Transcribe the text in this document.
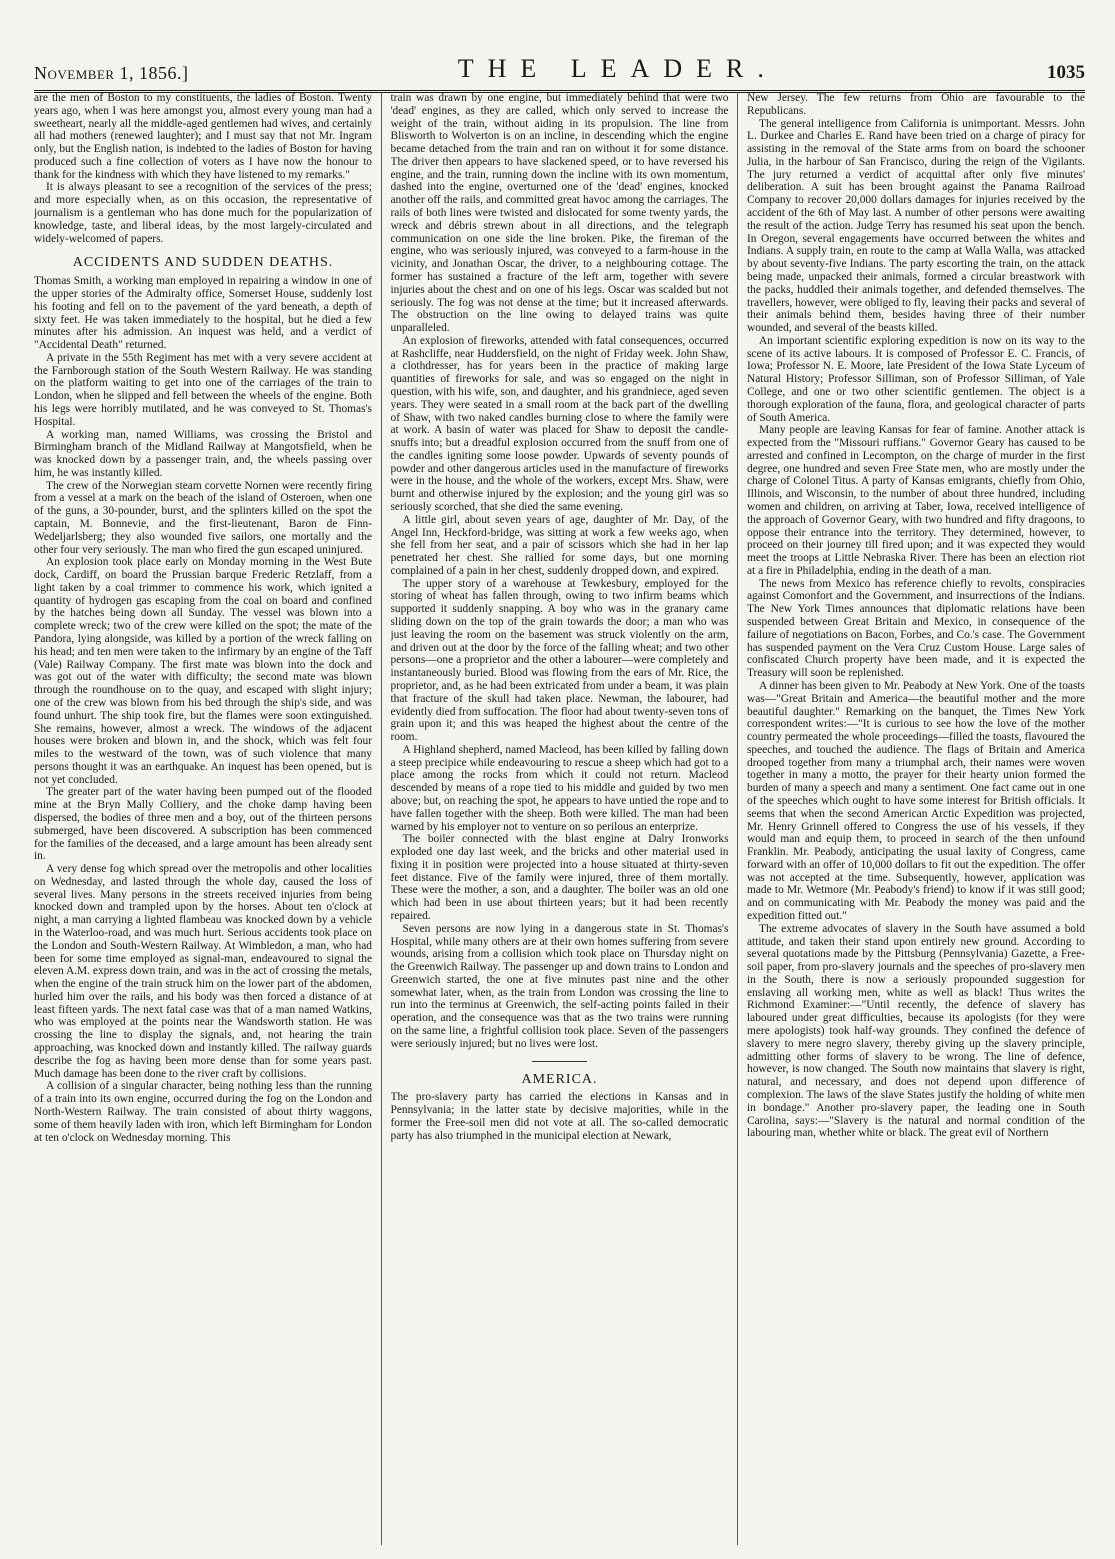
November 1, 1856.]	THE LEADER.	1035

are the men of Boston to my constituents, the ladies of Boston. Twenty years ago, when I was here amongst you, almost every young man had a sweetheart, nearly all the middle-aged gentlemen had wives, and certainly all had mothers (renewed laughter); and I must say that not Mr. Ingram only, but the English nation, is indebted to the ladies of Boston for having produced such a fine collection of voters as I have now the honour to thank for the kindness with which they have listened to my remarks."

It is always pleasant to see a recognition of the services of the press; and more especially when, as on this occasion, the representative of journalism is a gentleman who has done much for the popularization of knowledge, taste, and liberal ideas, by the most largely-circulated and widely-welcomed of papers.

ACCIDENTS AND SUDDEN DEATHS.

Thomas Smith, a working man employed in repairing a window in one of the upper stories of the Admiralty office, Somerset House, suddenly lost his footing and fell on to the pavement of the yard beneath, a depth of sixty feet. He was taken immediately to the hospital, but he died a few minutes after his admission. An inquest was held, and a verdict of "Accidental Death" returned.

A private in the 55th Regiment has met with a very severe accident at the Farnborough station of the South Western Railway. He was standing on the platform waiting to get into one of the carriages of the train to London, when he slipped and fell between the wheels of the engine. Both his legs were horribly mutilated, and he was conveyed to St. Thomas's Hospital.

A working man, named Williams, was crossing the Bristol and Birmingham branch of the Midland Railway at Mangotsfield, when he was knocked down by a passenger train, and, the wheels passing over him, he was instantly killed.

The crew of the Norwegian steam corvette Nornen were recently firing from a vessel at a mark on the beach of the island of Osteroen, when one of the guns, a 30-pounder, burst, and the splinters killed on the spot the captain, M. Bonnevie, and the first-lieutenant, Baron de Finn-Wedeljarlsberg; they also wounded five sailors, one mortally and the other four very seriously. The man who fired the gun escaped uninjured.

An explosion took place early on Monday morning in the West Bute dock, Cardiff, on board the Prussian barque Frederic Retzlaff, from a light taken by a coal trimmer to commence his work, which ignited a quantity of hydrogen gas escaping from the coal on board and confined by the hatches being down all Sunday. The vessel was blown into a complete wreck; two of the crew were killed on the spot; the mate of the Pandora, lying alongside, was killed by a portion of the wreck falling on his head; and ten men were taken to the infirmary by an engine of the Taff (Vale) Railway Company. The first mate was blown into the dock and was got out of the water with difficulty; the second mate was blown through the roundhouse on to the quay, and escaped with slight injury; one of the crew was blown from his bed through the ship's side, and was found unhurt. The ship took fire, but the flames were soon extinguished. She remains, however, almost a wreck. The windows of the adjacent houses were broken and blown in, and the shock, which was felt four miles to the westward of the town, was of such violence that many persons thought it was an earthquake. An inquest has been opened, but is not yet concluded.

The greater part of the water having been pumped out of the flooded mine at the Bryn Mally Colliery, and the choke damp having been dispersed, the bodies of three men and a boy, out of the thirteen persons submerged, have been discovered. A subscription has been commenced for the families of the deceased, and a large amount has been already sent in.

A very dense fog which spread over the metropolis and other localities on Wednesday, and lasted through the whole day, caused the loss of several lives. Many persons in the streets received injuries from being knocked down and trampled upon by the horses. About ten o'clock at night, a man carrying a lighted flambeau was knocked down by a vehicle in the Waterloo-road, and was much hurt. Serious accidents took place on the London and South-Western Railway. At Wimbledon, a man, who had been for some time employed as signal-man, endeavoured to signal the eleven A.M. express down train, and was in the act of crossing the metals, when the engine of the train struck him on the lower part of the abdomen, hurled him over the rails, and his body was then forced a distance of at least fifteen yards. The next fatal case was that of a man named Watkins, who was employed at the points near the Wandsworth station. He was crossing the line to display the signals, and, not hearing the train approaching, was knocked down and instantly killed. The railway guards describe the fog as having been more dense than for some years past. Much damage has been done to the river craft by collisions.

A collision of a singular character, being nothing less than the running of a train into its own engine, occurred during the fog on the London and North-Western Railway. The train consisted of about thirty waggons, some of them heavily laden with iron, which left Birmingham for London at ten o'clock on Wednesday morning. This

train was drawn by one engine, but immediately behind that were two 'dead' engines, as they are called, which only served to increase the weight of the train, without aiding in its propulsion. The line from Blisworth to Wolverton is on an incline, in descending which the engine became detached from the train and ran on without it for some distance. The driver then appears to have slackened speed, or to have reversed his engine, and the train, running down the incline with its own momentum, dashed into the engine, overturned one of the 'dead' engines, knocked another off the rails, and committed great havoc among the carriages. The rails of both lines were twisted and dislocated for some twenty yards, the wreck and débris strewn about in all directions, and the telegraph communication on one side the line broken. Pike, the fireman of the engine, who was seriously injured, was conveyed to a farm-house in the vicinity, and Jonathan Oscar, the driver, to a neighbouring cottage. The former has sustained a fracture of the left arm, together with severe injuries about the chest and on one of his legs. Oscar was scalded but not seriously. The fog was not dense at the time; but it increased afterwards. The obstruction on the line owing to delayed trains was quite unparalleled.

An explosion of fireworks, attended with fatal consequences, occurred at Rashcliffe, near Huddersfield, on the night of Friday week. John Shaw, a clothdresser, has for years been in the practice of making large quantities of fireworks for sale, and was so engaged on the night in question, with his wife, son, and daughter, and his grandniece, aged seven years. They were seated in a small room at the back part of the dwelling of Shaw, with two naked candles burning close to where the family were at work. A basin of water was placed for Shaw to deposit the candle-snuffs into; but a dreadful explosion occurred from the snuff from one of the candles igniting some loose powder. Upwards of seventy pounds of powder and other dangerous articles used in the manufacture of fireworks were in the house, and the whole of the workers, except Mrs. Shaw, were burnt and otherwise injured by the explosion; and the young girl was so seriously scorched, that she died the same evening.

A little girl, about seven years of age, daughter of Mr. Day, of the Angel Inn, Heckford-bridge, was sitting at work a few weeks ago, when she fell from her seat, and a pair of scissors which she had in her lap penetrated her chest. She rallied for some days, but one morning complained of a pain in her chest, suddenly dropped down, and expired.

The upper story of a warehouse at Tewkesbury, employed for the storing of wheat has fallen through, owing to two infirm beams which supported it suddenly snapping. A boy who was in the granary came sliding down on the top of the grain towards the door; a man who was just leaving the room on the basement was struck violently on the arm, and driven out at the door by the force of the falling wheat; and two other persons—one a proprietor and the other a labourer—were completely and instantaneously buried. Blood was flowing from the ears of Mr. Rice, the proprietor, and, as he had been extricated from under a beam, it was plain that fracture of the skull had taken place. Newman, the labourer, had evidently died from suffocation. The floor had about twenty-seven tons of grain upon it; and this was heaped the highest about the centre of the room.

A Highland shepherd, named Macleod, has been killed by falling down a steep precipice while endeavouring to rescue a sheep which had got to a place among the rocks from which it could not return. Macleod descended by means of a rope tied to his middle and guided by two men above; but, on reaching the spot, he appears to have untied the rope and to have fallen together with the sheep. Both were killed. The man had been warned by his employer not to venture on so perilous an enterprize.

The boiler connected with the blast engine at Dalry Ironworks exploded one day last week, and the bricks and other material used in fixing it in position were projected into a house situated at thirty-seven feet distance. Five of the family were injured, three of them mortally. These were the mother, a son, and a daughter. The boiler was an old one which had been in use about thirteen years; but it had been recently repaired.

Seven persons are now lying in a dangerous state in St. Thomas's Hospital, while many others are at their own homes suffering from severe wounds, arising from a collision which took place on Thursday night on the Greenwich Railway. The passenger up and down trains to London and Greenwich started, the one at five minutes past nine and the other somewhat later, when, as the train from London was crossing the line to run into the terminus at Greenwich, the self-acting points failed in their operation, and the consequence was that as the two trains were running on the same line, a frightful collision took place. Seven of the passengers were seriously injured; but no lives were lost.

AMERICA.

The pro-slavery party has carried the elections in Kansas and in Pennsylvania; in the latter state by decisive majorities, while in the former the Free-soil men did not vote at all. The so-called democratic party has also triumphed in the municipal election at Newark,

New Jersey. The few returns from Ohio are favourable to the Republicans.

The general intelligence from California is unimportant. Messrs. John L. Durkee and Charles E. Rand have been tried on a charge of piracy for assisting in the removal of the State arms from on board the schooner Julia, in the harbour of San Francisco, during the reign of the Vigilants. The jury returned a verdict of acquittal after only five minutes' deliberation. A suit has been brought against the Panama Railroad Company to recover 20,000 dollars damages for injuries received by the accident of the 6th of May last. A number of other persons were awaiting the result of the action. Judge Terry has resumed his seat upon the bench. In Oregon, several engagements have occurred between the whites and Indians. A supply train, en route to the camp at Walla Walla, was attacked by about seventy-five Indians. The party escorting the train, on the attack being made, unpacked their animals, formed a circular breastwork with the packs, huddled their animals together, and defended themselves. The travellers, however, were obliged to fly, leaving their packs and several of their animals behind them, besides having three of their number wounded, and several of the beasts killed.

An important scientific exploring expedition is now on its way to the scene of its active labours. It is composed of Professor E. C. Francis, of Iowa; Professor N. E. Moore, late President of the Iowa State Lyceum of Natural History; Professor Silliman, son of Professor Silliman, of Yale College, and one or two other scientific gentlemen. The object is a thorough exploration of the fauna, flora, and geological character of parts of South America.

Many people are leaving Kansas for fear of famine. Another attack is expected from the "Missouri ruffians." Governor Geary has caused to be arrested and confined in Lecompton, on the charge of murder in the first degree, one hundred and seven Free State men, who are mostly under the charge of Colonel Titus. A party of Kansas emigrants, chiefly from Ohio, Illinois, and Wisconsin, to the number of about three hundred, including women and children, on arriving at Taber, Iowa, received intelligence of the approach of Governor Geary, with two hundred and fifty dragoons, to oppose their entrance into the territory. They determined, however, to proceed on their journey till fired upon; and it was expected they would meet the troops at Little Nebraska River. There has been an election riot at a fire in Philadelphia, ending in the death of a man.

The news from Mexico has reference chiefly to revolts, conspiracies against Comonfort and the Government, and insurrections of the Indians. The New York Times announces that diplomatic relations have been suspended between Great Britain and Mexico, in consequence of the failure of negotiations on Bacon, Forbes, and Co.'s case. The Government has suspended payment on the Vera Cruz Custom House. Large sales of confiscated Church property have been made, and it is expected the Treasury will soon be replenished.

A dinner has been given to Mr. Peabody at New York. One of the toasts was—"Great Britain and America—the beautiful mother and the more beautiful daughter." Remarking on the banquet, the Times New York correspondent writes:—"It is curious to see how the love of the mother country permeated the whole proceedings—filled the toasts, flavoured the speeches, and touched the audience. The flags of Britain and America drooped together from many a triumphal arch, their names were woven together in many a motto, the prayer for their hearty union formed the burden of many a speech and many a sentiment. One fact came out in one of the speeches which ought to have some interest for British officials. It seems that when the second American Arctic Expedition was projected, Mr. Henry Grinnell offered to Congress the use of his vessels, if they would man and equip them, to proceed in search of the then unfound Franklin. Mr. Peabody, anticipating the usual laxity of Congress, came forward with an offer of 10,000 dollars to fit out the expedition. The offer was not accepted at the time. Subsequently, however, application was made to Mr. Wetmore (Mr. Peabody's friend) to know if it was still good; and on communicating with Mr. Peabody the money was paid and the expedition fitted out."

The extreme advocates of slavery in the South have assumed a bold attitude, and taken their stand upon entirely new ground. According to several quotations made by the Pittsburg (Pennsylvania) Gazette, a Free-soil paper, from pro-slavery journals and the speeches of pro-slavery men in the South, there is now a seriously propounded suggestion for enslaving all working men, white as well as black! Thus writes the Richmond Examiner:—"Until recently, the defence of slavery has laboured under great difficulties, because its apologists (for they were mere apologists) took half-way grounds. They confined the defence of slavery to mere negro slavery, thereby giving up the slavery principle, admitting other forms of slavery to be wrong. The line of defence, however, is now changed. The South now maintains that slavery is right, natural, and necessary, and does not depend upon difference of complexion. The laws of the slave States justify the holding of white men in bondage." Another pro-slavery paper, the leading one in South Carolina, says:—"Slavery is the natural and normal condition of the labouring man, whether white or black. The great evil of Northern
